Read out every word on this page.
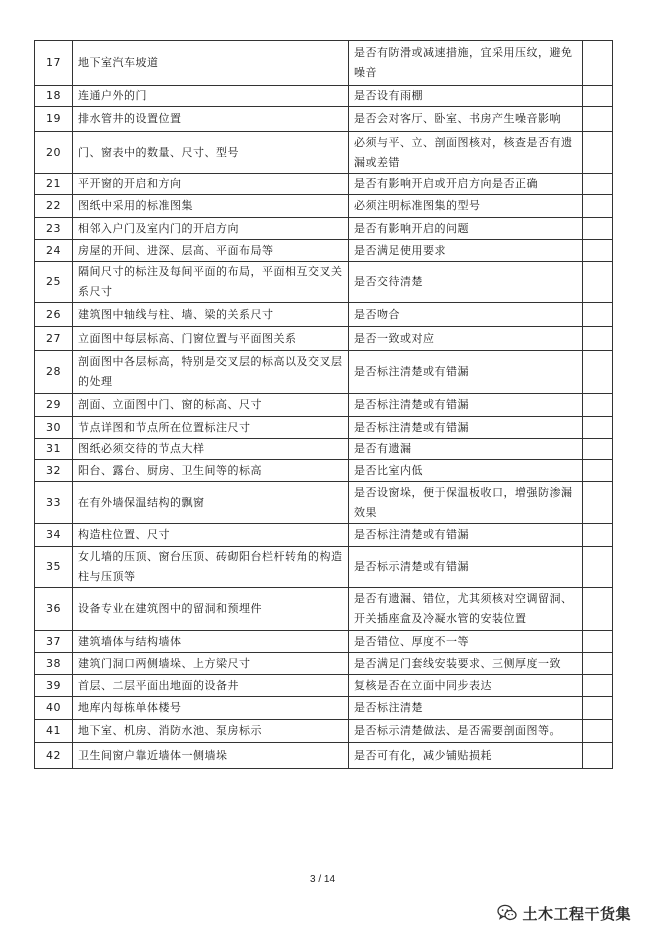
17	地下室汽车坡道	是否有防滑或减速措施，宜采用压纹，避免噪音	
18	连通户外的门	是否设有雨棚	
19	排水管井的设置位置	是否会对客厅、卧室、书房产生噪音影响	
20	门、窗表中的数量、尺寸、型号	必须与平、立、剖面图核对，核查是否有遗漏或差错	
21	平开窗的开启和方向	是否有影响开启或开启方向是否正确	
22	图纸中采用的标准图集	必须注明标准图集的型号	
23	相邻入户门及室内门的开启方向	是否有影响开启的问题	
24	房屋的开间、进深、层高、平面布局等	是否满足使用要求	
25	隔间尺寸的标注及每间平面的布局，平面相互交叉关系尺寸	是否交待清楚	
26	建筑图中轴线与柱、墙、梁的关系尺寸	是否吻合	
27	立面图中每层标高、门窗位置与平面图关系	是否一致或对应	
28	剖面图中各层标高，特别是交叉层的标高以及交叉层的处理	是否标注清楚或有错漏	
29	剖面、立面图中门、窗的标高、尺寸	是否标注清楚或有错漏	
30	节点详图和节点所在位置标注尺寸	是否标注清楚或有错漏	
31	图纸必须交待的节点大样	是否有遗漏	
32	阳台、露台、厨房、卫生间等的标高	是否比室内低	
33	在有外墙保温结构的飘窗	是否设窗垛，便于保温板收口，增强防渗漏效果	
34	构造柱位置、尺寸	是否标注清楚或有错漏	
35	女儿墙的压顶、窗台压顶、砖砌阳台栏杆转角的构造柱与压顶等	是否标示清楚或有错漏	
36	设备专业在建筑图中的留洞和预埋件	是否有遗漏、错位，尤其须核对空调留洞、开关插座盒及冷凝水管的安装位置	
37	建筑墙体与结构墙体	是否错位、厚度不一等	
38	建筑门洞口两侧墙垛、上方梁尺寸	是否满足门套线安装要求、三侧厚度一致	
39	首层、二层平面出地面的设备井	复核是否在立面中同步表达	
40	地库内每栋单体楼号	是否标注清楚	
41	地下室、机房、消防水池、泵房标示	是否标示清楚做法、是否需要剖面图等。	
42	卫生间窗户靠近墙体一侧墙垛	是否可有化，减少铺贴损耗	
3 / 14
土木工程干货集
